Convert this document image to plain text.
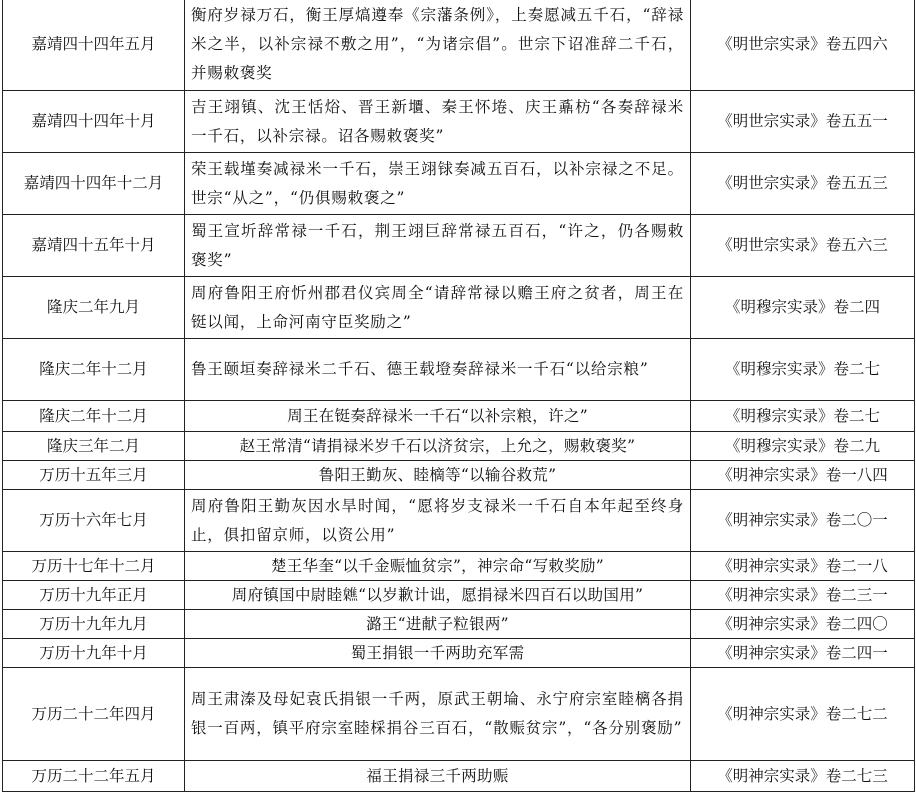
嘉靖四十四年五月	衡府岁禄万石，衡王厚熇遵奉《宗藩条例》，上奏愿减五千石，“辞禄米之半，以补宗禄不敷之用”，“为诸宗倡”。世宗下诏准辞二千石，并赐敕褒奖	《明世宗实录》卷五四六
嘉靖四十四年十月	吉王翊镇、沈王恬焀、晋王新㙺、秦王怀埢、庆王鼒枋“各奏辞禄米一千石，以补宗禄。诏各赐敕褒奖”	《明世宗实录》卷五五一
嘉靖四十四年十二月	荣王载墐奏减禄米一千石，崇王翊𨱇奏减五百石，以补宗禄之不足。世宗“从之”，“仍俱赐敕褒之”	《明世宗实录》卷五五三
嘉靖四十五年十月	蜀王宣圻辞常禄一千石，荆王翊巨辞常禄五百石，“许之，仍各赐敕褒奖”	《明世宗实录》卷五六三
隆庆二年九月	周府鲁阳王府忻州郡君仪宾周全“请辞常禄以赡王府之贫者，周王在铤以闻，上命河南守臣奖励之”	《明穆宗实录》卷二四
隆庆二年十二月	鲁王颐垣奏辞禄米二千石、德王载墱奏辞禄米一千石“以给宗粮”	《明穆宗实录》卷二七
隆庆二年十二月	周王在铤奏辞禄米一千石“以补宗粮，许之”	《明穆宗实录》卷二七
隆庆三年二月	赵王常清“请捐禄米岁千石以济贫宗，上允之，赐敕褒奖”	《明穆宗实录》卷二九
万历十五年三月	鲁阳王勤灰、睦樀等“以输谷救荒”	《明神宗实录》卷一八四
万历十六年七月	周府鲁阳王勤灰因水旱时闻，“愿将岁支禄米一千石自本年起至终身止，俱扣留京师，以资公用”	《明神宗实录》卷二〇一
万历十七年十二月	楚王华奎“以千金赈恤贫宗”，神宗命“写敕奖励”	《明神宗实录》卷二一八
万历十九年正月	周府镇国中尉睦𣟼“以岁歉计诎，愿捐禄米四百石以助国用”	《明神宗实录》卷二三一
万历十九年九月	潞王“进献子粒银两”	《明神宗实录》卷二四〇
万历十九年十月	蜀王捐银一千两助充军需	《明神宗实录》卷二四一
万历二十二年四月	周王肃溱及母妃袁氏捐银一千两，原武王朝埨、永宁府宗室睦樆各捐银一百两，镇平府宗室睦棌捐谷三百石，“散赈贫宗”，“各分别褒励”	《明神宗实录》卷二七二
万历二十二年五月	福王捐禄三千两助赈	《明神宗实录》卷二七三
